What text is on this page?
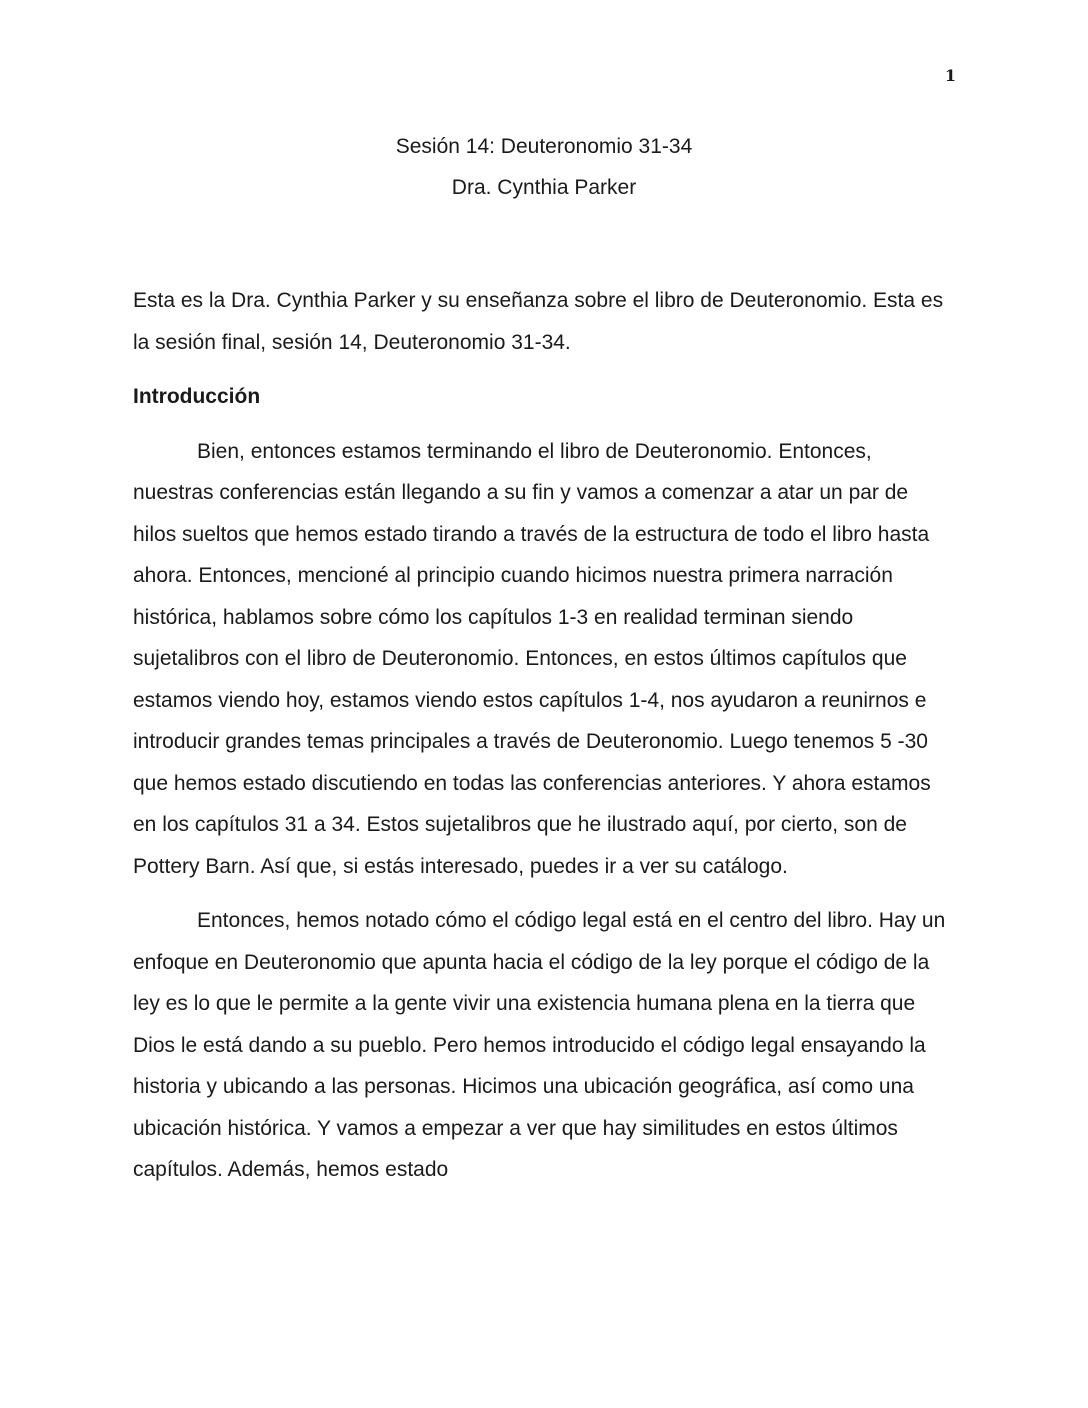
1
Sesión 14: Deuteronomio 31-34
Dra. Cynthia Parker

Esta es la Dra. Cynthia Parker y su enseñanza sobre el libro de Deuteronomio. Esta es la sesión final, sesión 14, Deuteronomio 31-34.

Introducción

Bien, entonces estamos terminando el libro de Deuteronomio. Entonces, nuestras conferencias están llegando a su fin y vamos a comenzar a atar un par de hilos sueltos que hemos estado tirando a través de la estructura de todo el libro hasta ahora. Entonces, mencioné al principio cuando hicimos nuestra primera narración histórica, hablamos sobre cómo los capítulos 1-3 en realidad terminan siendo sujetalibros con el libro de Deuteronomio. Entonces, en estos últimos capítulos que estamos viendo hoy, estamos viendo estos capítulos 1-4, nos ayudaron a reunirnos e introducir grandes temas principales a través de Deuteronomio. Luego tenemos 5 -30 que hemos estado discutiendo en todas las conferencias anteriores. Y ahora estamos en los capítulos 31 a 34. Estos sujetalibros que he ilustrado aquí, por cierto, son de Pottery Barn. Así que, si estás interesado, puedes ir a ver su catálogo.

Entonces, hemos notado cómo el código legal está en el centro del libro. Hay un enfoque en Deuteronomio que apunta hacia el código de la ley porque el código de la ley es lo que le permite a la gente vivir una existencia humana plena en la tierra que Dios le está dando a su pueblo. Pero hemos introducido el código legal ensayando la historia y ubicando a las personas. Hicimos una ubicación geográfica, así como una ubicación histórica. Y vamos a empezar a ver que hay similitudes en estos últimos capítulos. Además, hemos estado
